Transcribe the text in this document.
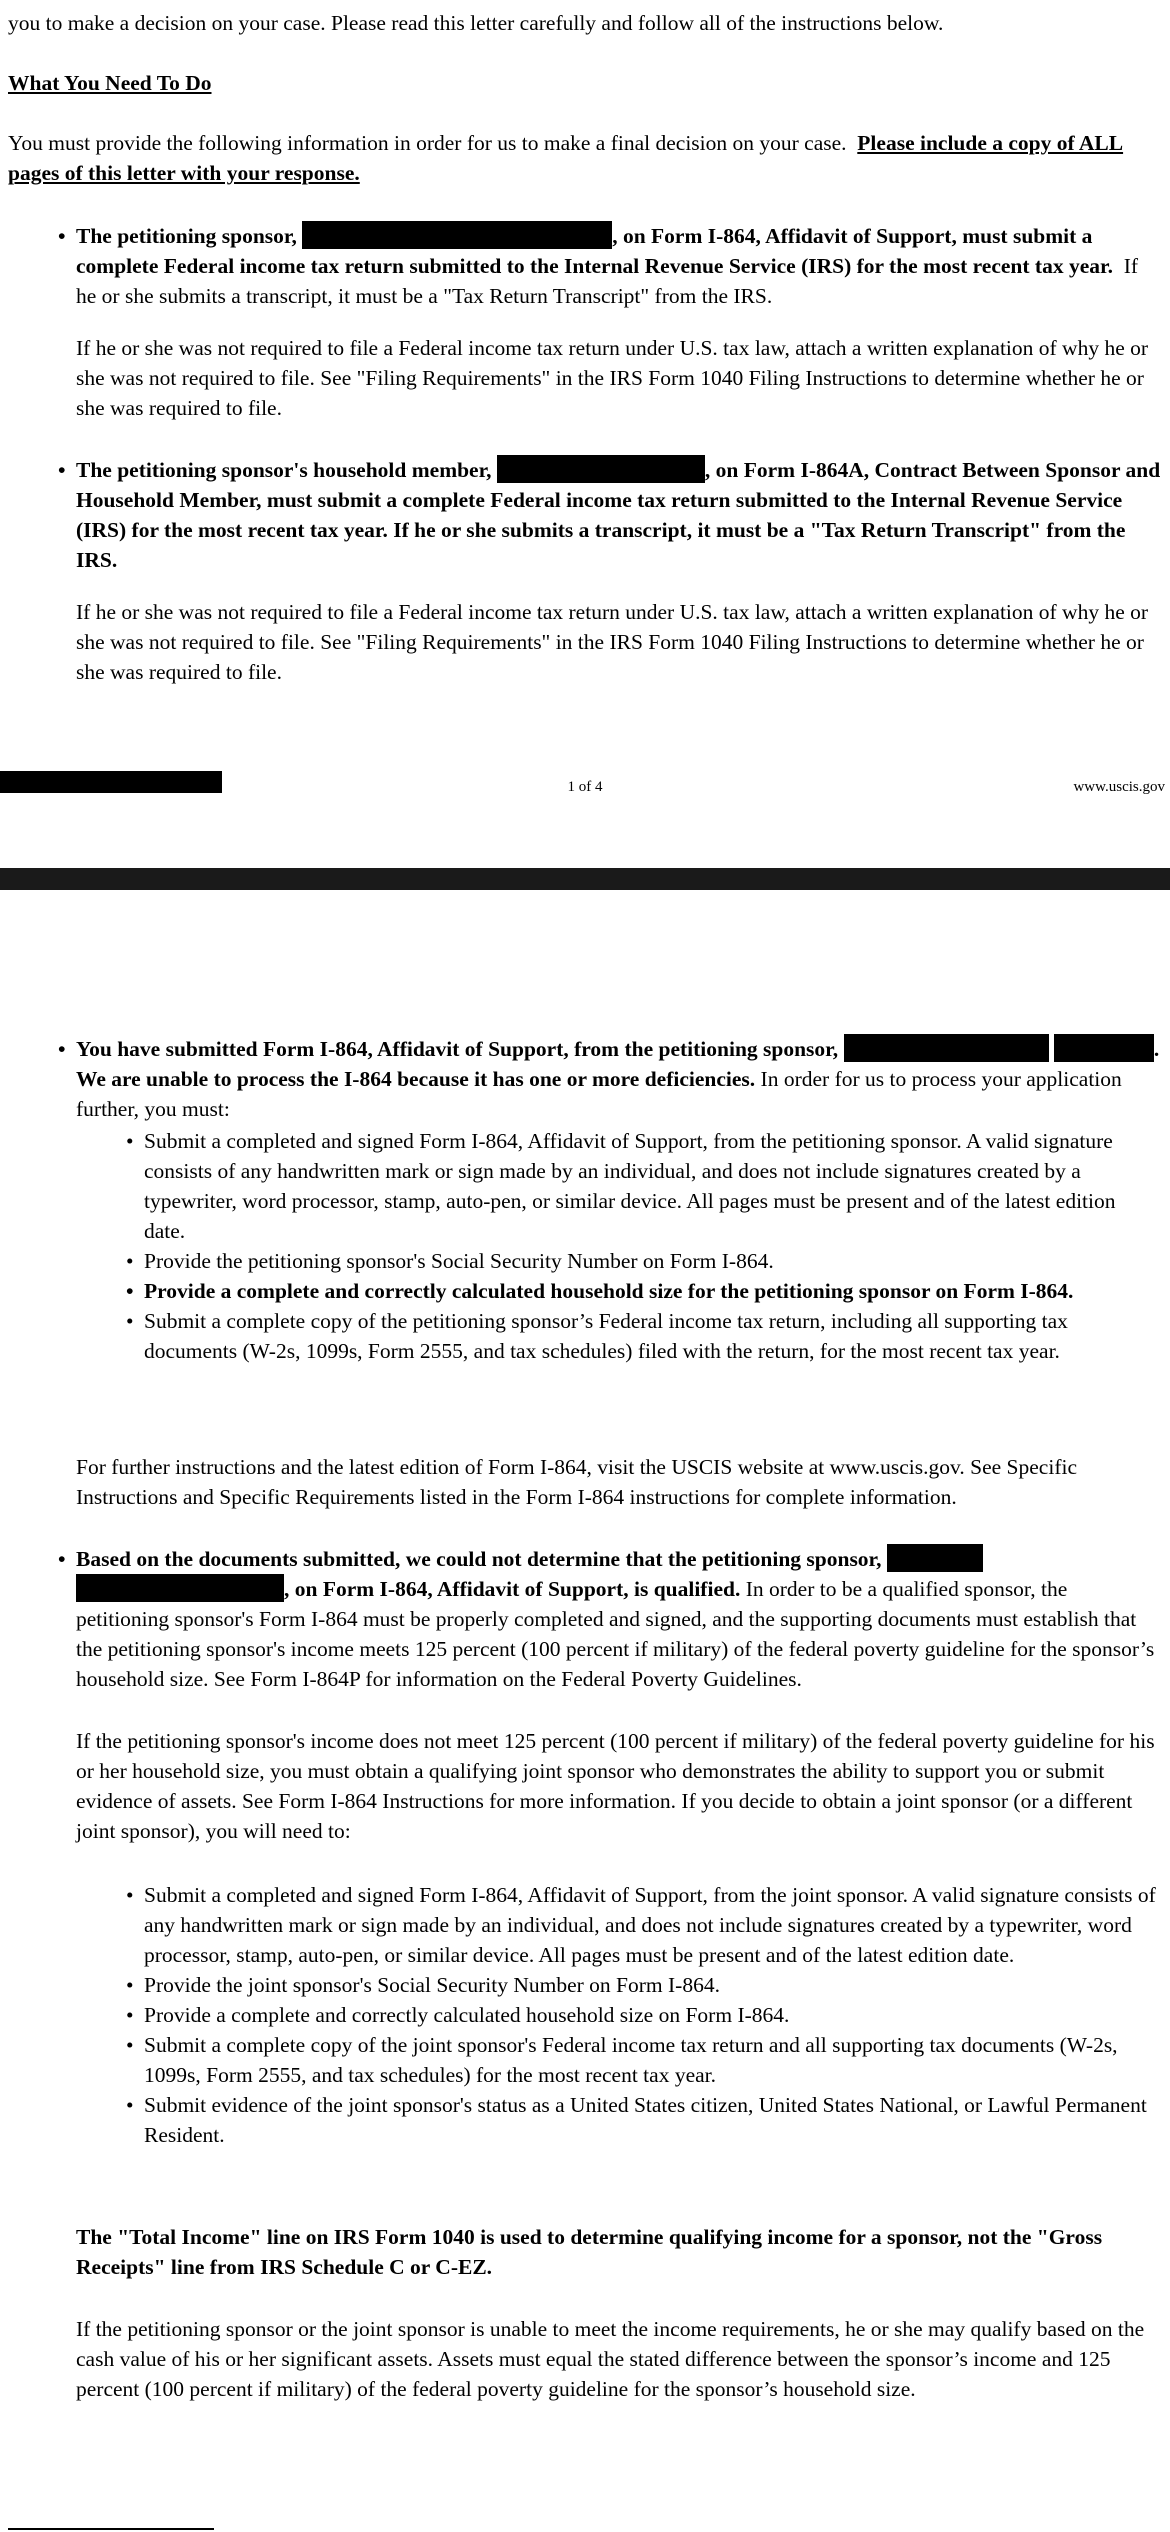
you to make a decision on your case. Please read this letter carefully and follow all of the instructions below.

What You Need To Do

You must provide the following information in order for us to make a final decision on your case. Please include a copy of ALL pages of this letter with your response.

• The petitioning sponsor,	, on Form I-864, Affidavit of Support, must submit a complete Federal income tax return submitted to the Internal Revenue Service (IRS) for the most recent tax year. If he or she submits a transcript, it must be a "Tax Return Transcript" from the IRS.

If he or she was not required to file a Federal income tax return under U.S. tax law, attach a written explanation of why he or she was not required to file. See "Filing Requirements" in the IRS Form 1040 Filing Instructions to determine whether he or she was required to file.

• The petitioning sponsor's household member,	, on Form I-864A, Contract Between Sponsor and Household Member, must submit a complete Federal income tax return submitted to the Internal Revenue Service (IRS) for the most recent tax year. If he or she submits a transcript, it must be a "Tax Return Transcript" from the IRS.

If he or she was not required to file a Federal income tax return under U.S. tax law, attach a written explanation of why he or she was not required to file. See "Filing Requirements" in the IRS Form 1040 Filing Instructions to determine whether he or she was required to file.

1 of 4	www.uscis.gov
• You have submitted Form I-864, Affidavit of Support, from the petitioning sponsor,	. We are unable to process the I-864 because it has one or more deficiencies. In order for us to process your application further, you must:

• Submit a completed and signed Form I-864, Affidavit of Support, from the petitioning sponsor. A valid signature consists of any handwritten mark or sign made by an individual, and does not include signatures created by a typewriter, word processor, stamp, auto-pen, or similar device. All pages must be present and of the latest edition date.
• Provide the petitioning sponsor's Social Security Number on Form I-864.
• Provide a complete and correctly calculated household size for the petitioning sponsor on Form I-864.
• Submit a complete copy of the petitioning sponsor’s Federal income tax return, including all supporting tax documents (W-2s, 1099s, Form 2555, and tax schedules) filed with the return, for the most recent tax year.

For further instructions and the latest edition of Form I-864, visit the USCIS website at www.uscis.gov. See Specific Instructions and Specific Requirements listed in the Form I-864 instructions for complete information.

• Based on the documents submitted, we could not determine that the petitioning sponsor,  , on Form I-864, Affidavit of Support, is qualified. In order to be a qualified sponsor, the petitioning sponsor's Form I-864 must be properly completed and signed, and the supporting documents must establish that the petitioning sponsor's income meets 125 percent (100 percent if military) of the federal poverty guideline for the sponsor’s household size. See Form I-864P for information on the Federal Poverty Guidelines.

If the petitioning sponsor's income does not meet 125 percent (100 percent if military) of the federal poverty guideline for his or her household size, you must obtain a qualifying joint sponsor who demonstrates the ability to support you or submit evidence of assets. See Form I-864 Instructions for more information. If you decide to obtain a joint sponsor (or a different joint sponsor), you will need to:

• Submit a completed and signed Form I-864, Affidavit of Support, from the joint sponsor. A valid signature consists of any handwritten mark or sign made by an individual, and does not include signatures created by a typewriter, word processor, stamp, auto-pen, or similar device. All pages must be present and of the latest edition date.
• Provide the joint sponsor's Social Security Number on Form I-864.
• Provide a complete and correctly calculated household size on Form I-864.
• Submit a complete copy of the joint sponsor's Federal income tax return and all supporting tax documents (W-2s, 1099s, Form 2555, and tax schedules) for the most recent tax year.
• Submit evidence of the joint sponsor's status as a United States citizen, United States National, or Lawful Permanent Resident.

The "Total Income" line on IRS Form 1040 is used to determine qualifying income for a sponsor, not the "Gross Receipts" line from IRS Schedule C or C-EZ.

If the petitioning sponsor or the joint sponsor is unable to meet the income requirements, he or she may qualify based on the cash value of his or her significant assets. Assets must equal the stated difference between the sponsor’s income and 125 percent (100 percent if military) of the federal poverty guideline for the sponsor’s household size.
